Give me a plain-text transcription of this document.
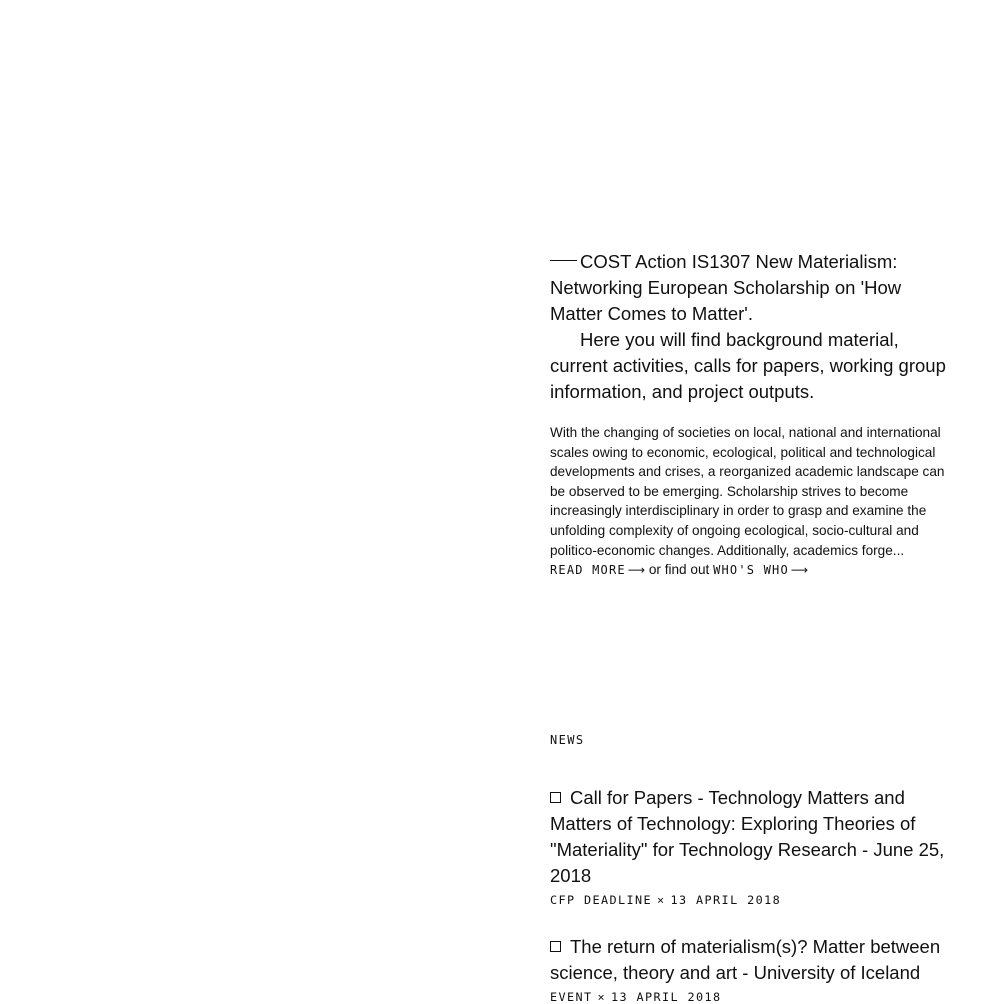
COST Action IS1307 New Materialism: Networking European Scholarship on 'How Matter Comes to Matter'.
Here you will find background material, current activities, calls for papers, working group information, and project outputs.

With the changing of societies on local, national and international scales owing to economic, ecological, political and technological developments and crises, a reorganized academic landscape can be observed to be emerging. Scholarship strives to become increasingly interdisciplinary in order to grasp and examine the unfolding complexity of ongoing ecological, socio-cultural and politico-economic changes. Additionally, academics forge... READ MORE ⟶ or find out WHO'S WHO ⟶

NEWS

Call for Papers - Technology Matters and Matters of Technology: Exploring Theories of "Materiality" for Technology Research - June 25, 2018

CFP DEADLINE × 13 APRIL 2018

The return of materialism(s)? Matter between science, theory and art - University of Iceland

EVENT × 13 APRIL 2018
